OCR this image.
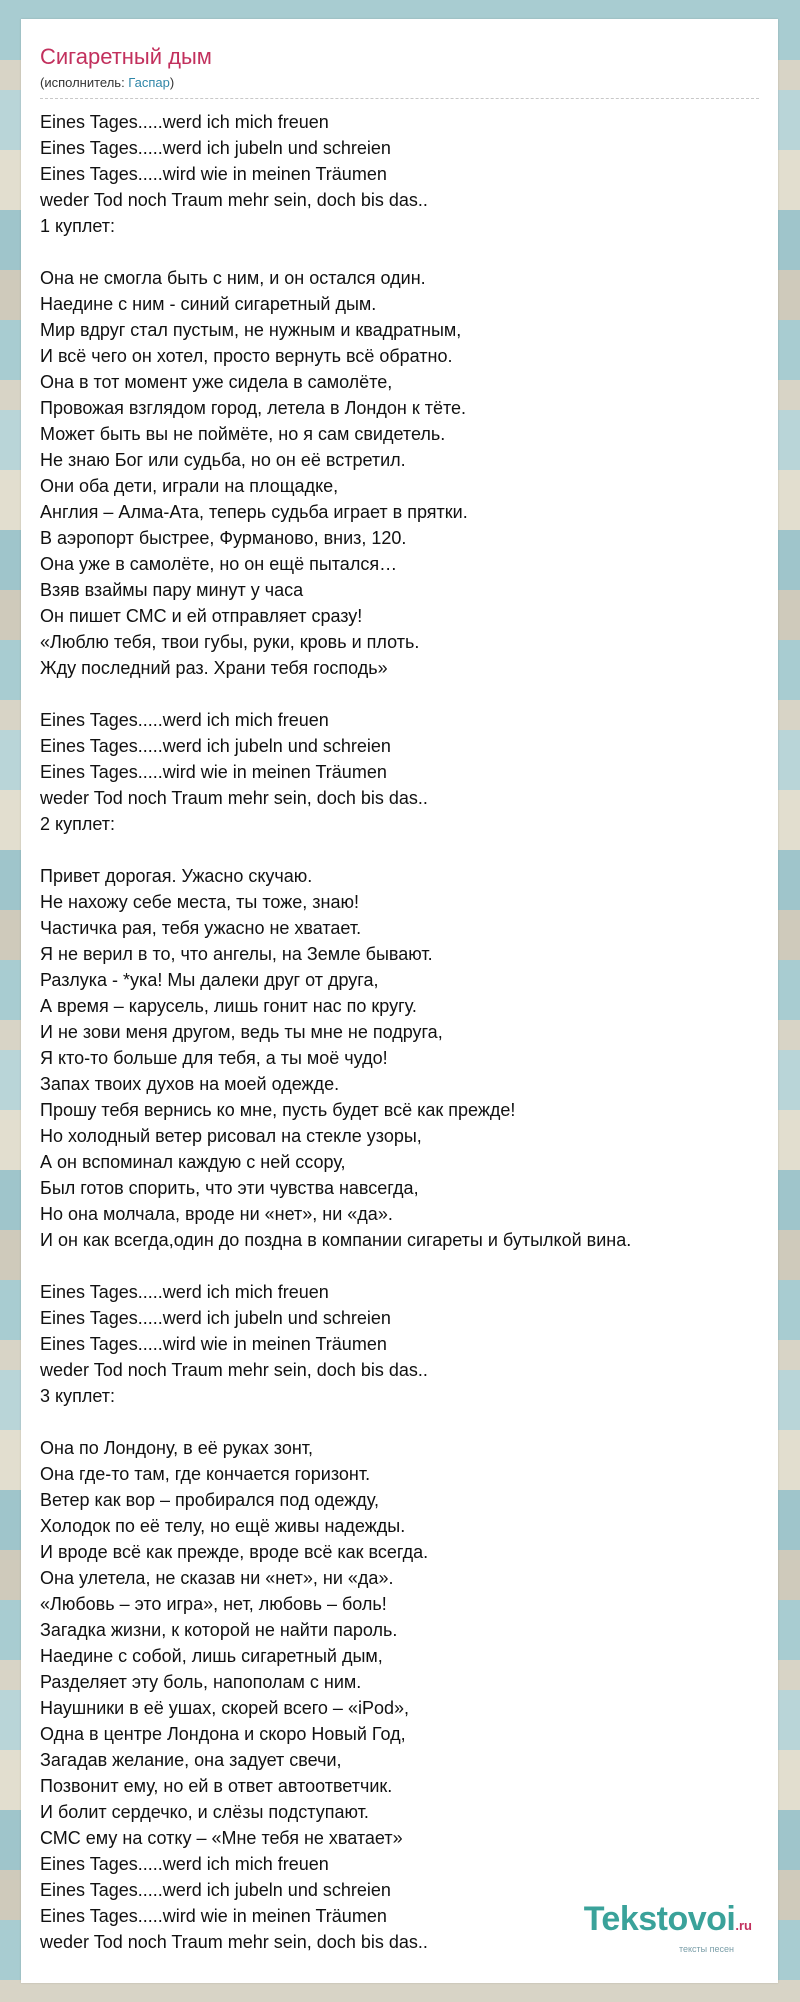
Сигаретный дым
(исполнитель: Гаспар)
Eines Tages.....werd ich mich freuen
Eines Tages.....werd ich jubeln und schreien
Eines Tages.....wird wie in meinen Träumen
weder Tod noch Traum mehr sein, doch bis das..
1 куплет:
Она не смогла быть с ним, и он остался один.
Наедине с ним - синий сигаретный дым.
Мир вдруг стал пустым, не нужным и квадратным,
И всё чего он хотел, просто вернуть всё обратно.
Она в тот момент уже сидела в самолёте,
Провожая взглядом город, летела в Лондон к тёте.
Может быть вы не поймёте, но я сам свидетель.
Не знаю Бог или судьба, но он её встретил.
Они оба дети, играли на площадке,
Англия – Алма-Ата, теперь судьба играет в прятки.
В аэропорт быстрее, Фурманово, вниз, 120.
Она уже в самолёте, но он ещё пытался…
Взяв взаймы пару минут у часа
Он пишет СМС и ей отправляет сразу!
«Люблю тебя, твои губы, руки, кровь и плоть.
Жду последний раз. Храни тебя господь»
Eines Tages.....werd ich mich freuen
Eines Tages.....werd ich jubeln und schreien
Eines Tages.....wird wie in meinen Träumen
weder Tod noch Traum mehr sein, doch bis das..
2 куплет:
Привет дорогая. Ужасно скучаю.
Не нахожу себе места, ты тоже, знаю!
Частичка рая, тебя ужасно не хватает.
Я не верил в то, что ангелы, на Земле бывают.
Разлука - *ука! Мы далеки друг от друга,
А время – карусель, лишь гонит нас по кругу.
И не зови меня другом, ведь ты мне не подруга,
Я кто-то больше для тебя, а ты моё чудо!
Запах твоих духов на моей одежде.
Прошу тебя вернись ко мне, пусть будет всё как прежде!
Но холодный ветер рисовал на стекле узоры,
А он вспоминал каждую с ней ссору,
Был готов спорить, что эти чувства навсегда,
Но она молчала, вроде ни «нет», ни «да».
И он как всегда,один до поздна в компании сигареты и бутылкой вина.
Eines Tages.....werd ich mich freuen
Eines Tages.....werd ich jubeln und schreien
Eines Tages.....wird wie in meinen Träumen
weder Tod noch Traum mehr sein, doch bis das..
3 куплет:
Она по Лондону, в её руках зонт,
Она где-то там, где кончается горизонт.
Ветер как вор – пробирался под одежду,
Холодок по её телу, но ещё живы надежды.
И вроде всё как прежде, вроде всё как всегда.
Она улетела, не сказав ни «нет», ни «да».
«Любовь – это игра», нет, любовь – боль!
Загадка жизни, к которой не найти пароль.
Наедине с собой, лишь сигаретный дым,
Разделяет эту боль, напополам с ним.
Наушники в её ушах, скорей всего – «iPod»,
Одна в центре Лондона и скоро Новый Год,
Загадав желание, она задует свечи,
Позвонит ему, но ей в ответ автоответчик.
И болит сердечко, и слёзы подступают.
СМС ему на сотку – «Мне тебя не хватает»
Eines Tages.....werd ich mich freuen
Eines Tages.....werd ich jubeln und schreien
Eines Tages.....wird wie in meinen Träumen
weder Tod noch Traum mehr sein, doch bis das..
Tekstovoi.ru
тексты песен
